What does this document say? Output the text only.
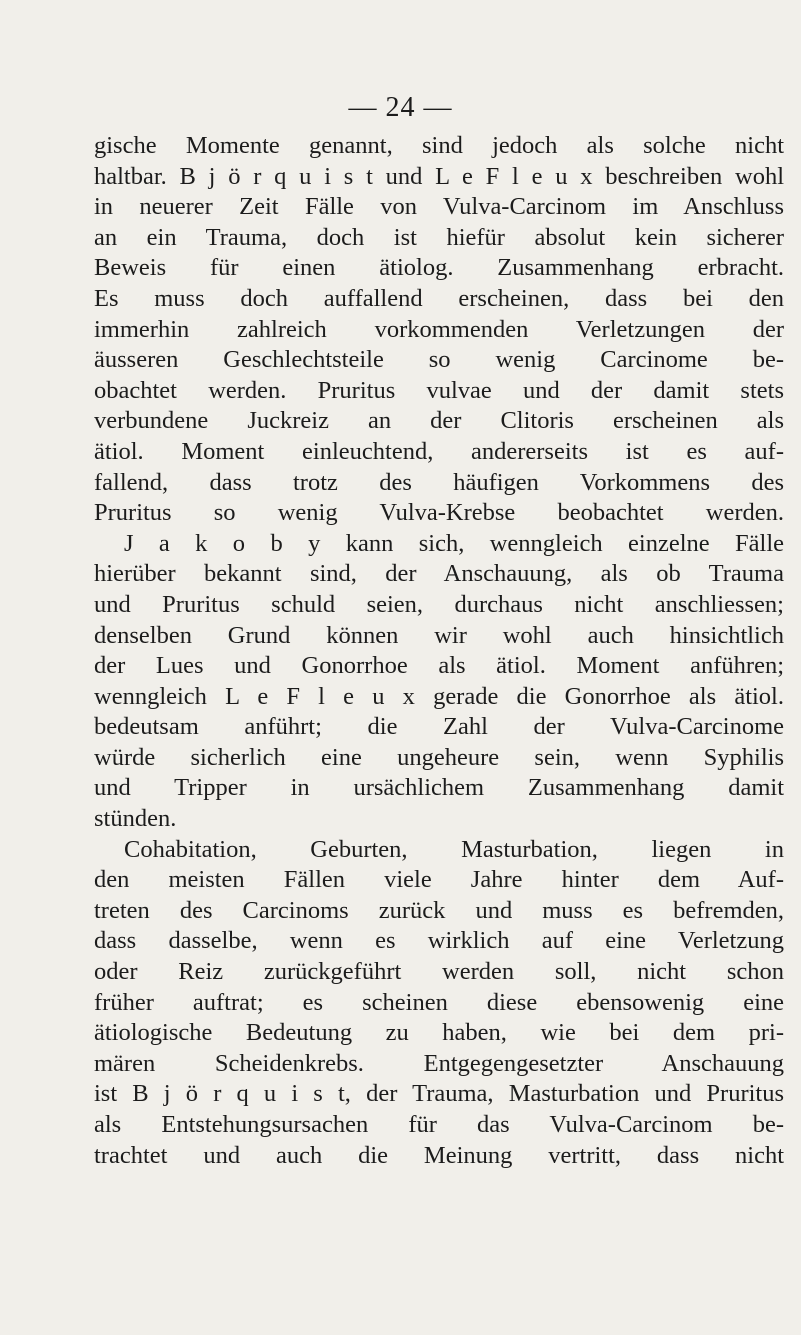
— 24 —
gische Momente genannt, sind jedoch als solche nicht
haltbar. B j ö r q u i s t und L e F l e u x beschreiben wohl
in neuerer Zeit Fälle von Vulva-Carcinom im Anschluss
an ein Trauma, doch ist hiefür absolut kein sicherer
Beweis für einen ätiolog. Zusammenhang erbracht.
Es muss doch auffallend erscheinen, dass bei den
immerhin zahlreich vorkommenden Verletzungen der
äusseren Geschlechtsteile so wenig Carcinome be-
obachtet werden. Pruritus vulvae und der damit stets
verbundene Juckreiz an der Clitoris erscheinen als
ätiol. Moment einleuchtend, andererseits ist es auf-
fallend, dass trotz des häufigen Vorkommens des
Pruritus so wenig Vulva-Krebse beobachtet werden.
J a k o b y kann sich, wenngleich einzelne Fälle
hierüber bekannt sind, der Anschauung, als ob Trauma
und Pruritus schuld seien, durchaus nicht anschliessen;
denselben Grund können wir wohl auch hinsichtlich
der Lues und Gonorrhoe als ätiol. Moment anführen;
wenngleich L e F l e u x gerade die Gonorrhoe als ätiol.
bedeutsam anführt; die Zahl der Vulva-Carcinome
würde sicherlich eine ungeheure sein, wenn Syphilis
und Tripper in ursächlichem Zusammenhang damit
stünden.
Cohabitation, Geburten, Masturbation, liegen in
den meisten Fällen viele Jahre hinter dem Auf-
treten des Carcinoms zurück und muss es befremden,
dass dasselbe, wenn es wirklich auf eine Verletzung
oder Reiz zurückgeführt werden soll, nicht schon
früher auftrat; es scheinen diese ebensowenig eine
ätiologische Bedeutung zu haben, wie bei dem pri-
mären Scheidenkrebs. Entgegengesetzter Anschauung
ist B j ö r q u i s t, der Trauma, Masturbation und Pruritus
als Entstehungsursachen für das Vulva-Carcinom be-
trachtet und auch die Meinung vertritt, dass nicht
